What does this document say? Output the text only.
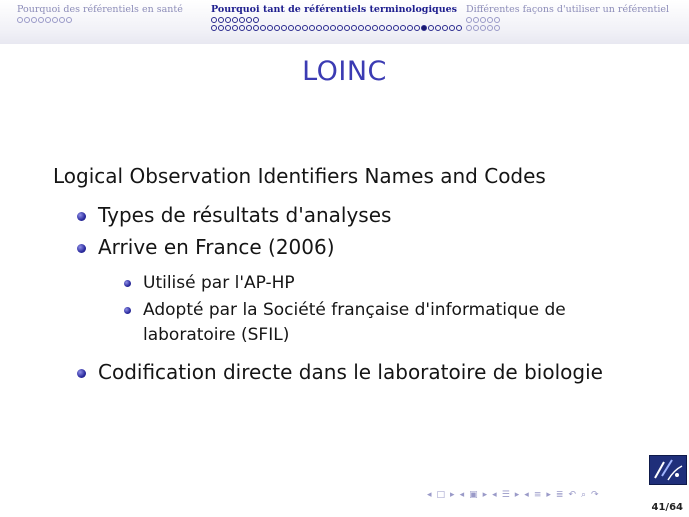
Pourquoi des référentiels en santé	Pourquoi tant de référentiels terminologiques Différentes façons d'utiliser un référentiel
LOINC
Logical Observation Identifiers Names and Codes
Types de résultats d'analyses
Arrive en France (2006)
Utilisé par l'AP-HP
Adopté par la Société française d'informatique de
laboratoire (SFIL)
Codification directe dans le laboratoire de biologie
◂ □ ▸ ◂ ▣ ▸ ◂ ☰ ▸ ◂ ≡ ▸ ≣ ↶ ⌕ ↷
41/64
